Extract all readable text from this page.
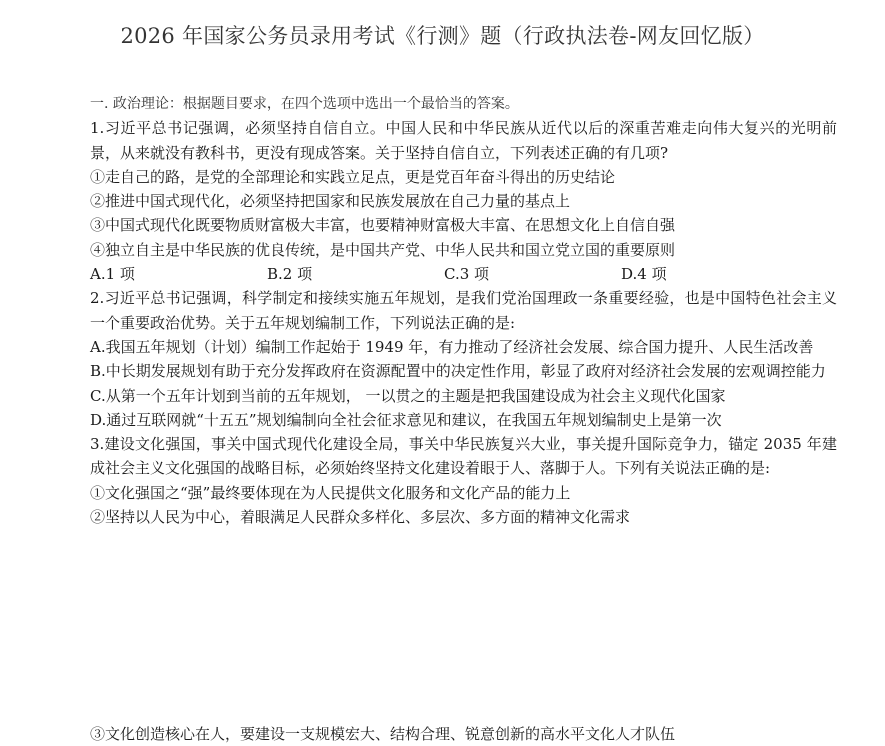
2026 年国家公务员录用考试《行测》题（行政执法卷-网友回忆版）
一. 政治理论：根据题目要求，在四个选项中选出一个最恰当的答案。
1.习近平总书记强调，必须坚持自信自立。中国人民和中华民族从近代以后的深重苦难走向伟大复兴的光明前景，从来就没有教科书，更没有现成答案。关于坚持自信自立，下列表述正确的有几项?
①走自己的路，是党的全部理论和实践立足点，更是党百年奋斗得出的历史结论
②推进中国式现代化，必须坚持把国家和民族发展放在自己力量的基点上
③中国式现代化既要物质财富极大丰富，也要精神财富极大丰富、在思想文化上自信自强
④独立自主是中华民族的优良传统，是中国共产党、中华人民共和国立党立国的重要原则
A.1 项	B.2 项	C.3 项	D.4 项
2.习近平总书记强调，科学制定和接续实施五年规划，是我们党治国理政一条重要经验，也是中国特色社会主义一个重要政治优势。关于五年规划编制工作，下列说法正确的是:
A.我国五年规划（计划）编制工作起始于 1949 年，有力推动了经济社会发展、综合国力提升、人民生活改善
B.中长期发展规划有助于充分发挥政府在资源配置中的决定性作用，彰显了政府对经济社会发展的宏观调控能力
C.从第一个五年计划到当前的五年规划， 一以贯之的主题是把我国建设成为社会主义现代化国家
D.通过互联网就“十五五”规划编制向全社会征求意见和建议，在我国五年规划编制史上是第一次
3.建设文化强国，事关中国式现代化建设全局，事关中华民族复兴大业，事关提升国际竞争力，锚定 2035 年建成社会主义文化强国的战略目标，必须始终坚持文化建设着眼于人、落脚于人。下列有关说法正确的是:
①文化强国之“强”最终要体现在为人民提供文化服务和文化产品的能力上
②坚持以人民为中心，着眼满足人民群众多样化、多层次、多方面的精神文化需求
③文化创造核心在人，要建设一支规模宏大、结构合理、锐意创新的高水平文化人才队伍
